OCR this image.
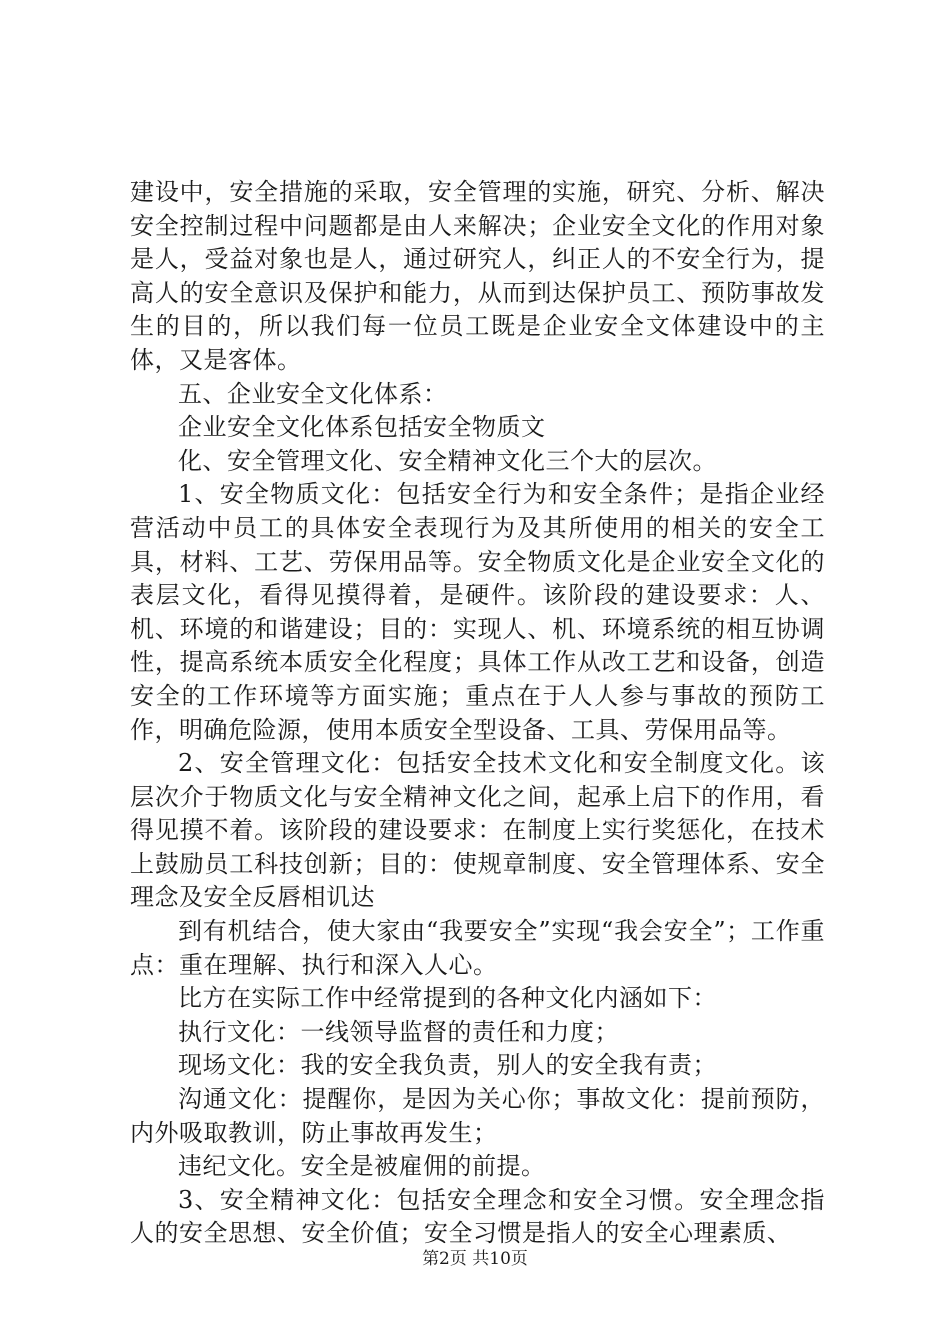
建设中，安全措施的采取，安全管理的实施，研究、分析、解决安全控制过程中问题都是由人来解决；企业安全文化的作用对象是人，受益对象也是人，通过研究人，纠正人的不安全行为，提高人的安全意识及保护和能力，从而到达保护员工、预防事故发生的目的，所以我们每一位员工既是企业安全文体建设中的主体，又是客体。

五、企业安全文化体系：

企业安全文化体系包括安全物质文

化、安全管理文化、安全精神文化三个大的层次。

1、安全物质文化：包括安全行为和安全条件；是指企业经营活动中员工的具体安全表现行为及其所使用的相关的安全工具，材料、工艺、劳保用品等。安全物质文化是企业安全文化的表层文化，看得见摸得着，是硬件。该阶段的建设要求：人、机、环境的和谐建设；目的：实现人、机、环境系统的相互协调性，提高系统本质安全化程度；具体工作从改工艺和设备，创造安全的工作环境等方面实施；重点在于人人参与事故的预防工作，明确危险源，使用本质安全型设备、工具、劳保用品等。

2、安全管理文化：包括安全技术文化和安全制度文化。该层次介于物质文化与安全精神文化之间，起承上启下的作用，看得见摸不着。该阶段的建设要求：在制度上实行奖惩化，在技术上鼓励员工科技创新；目的：使规章制度、安全管理体系、安全理念及安全反唇相讥达

到有机结合，使大家由“我要安全”实现“我会安全”；工作重点：重在理解、执行和深入人心。

比方在实际工作中经常提到的各种文化内涵如下：

执行文化：一线领导监督的责任和力度；

现场文化：我的安全我负责，别人的安全我有责；

沟通文化：提醒你，是因为关心你；事故文化：提前预防，内外吸取教训，防止事故再发生；

违纪文化。安全是被雇佣的前提。

3、安全精神文化：包括安全理念和安全习惯。安全理念指人的安全思想、安全价值；安全习惯是指人的安全心理素质、

第2页 共10页
